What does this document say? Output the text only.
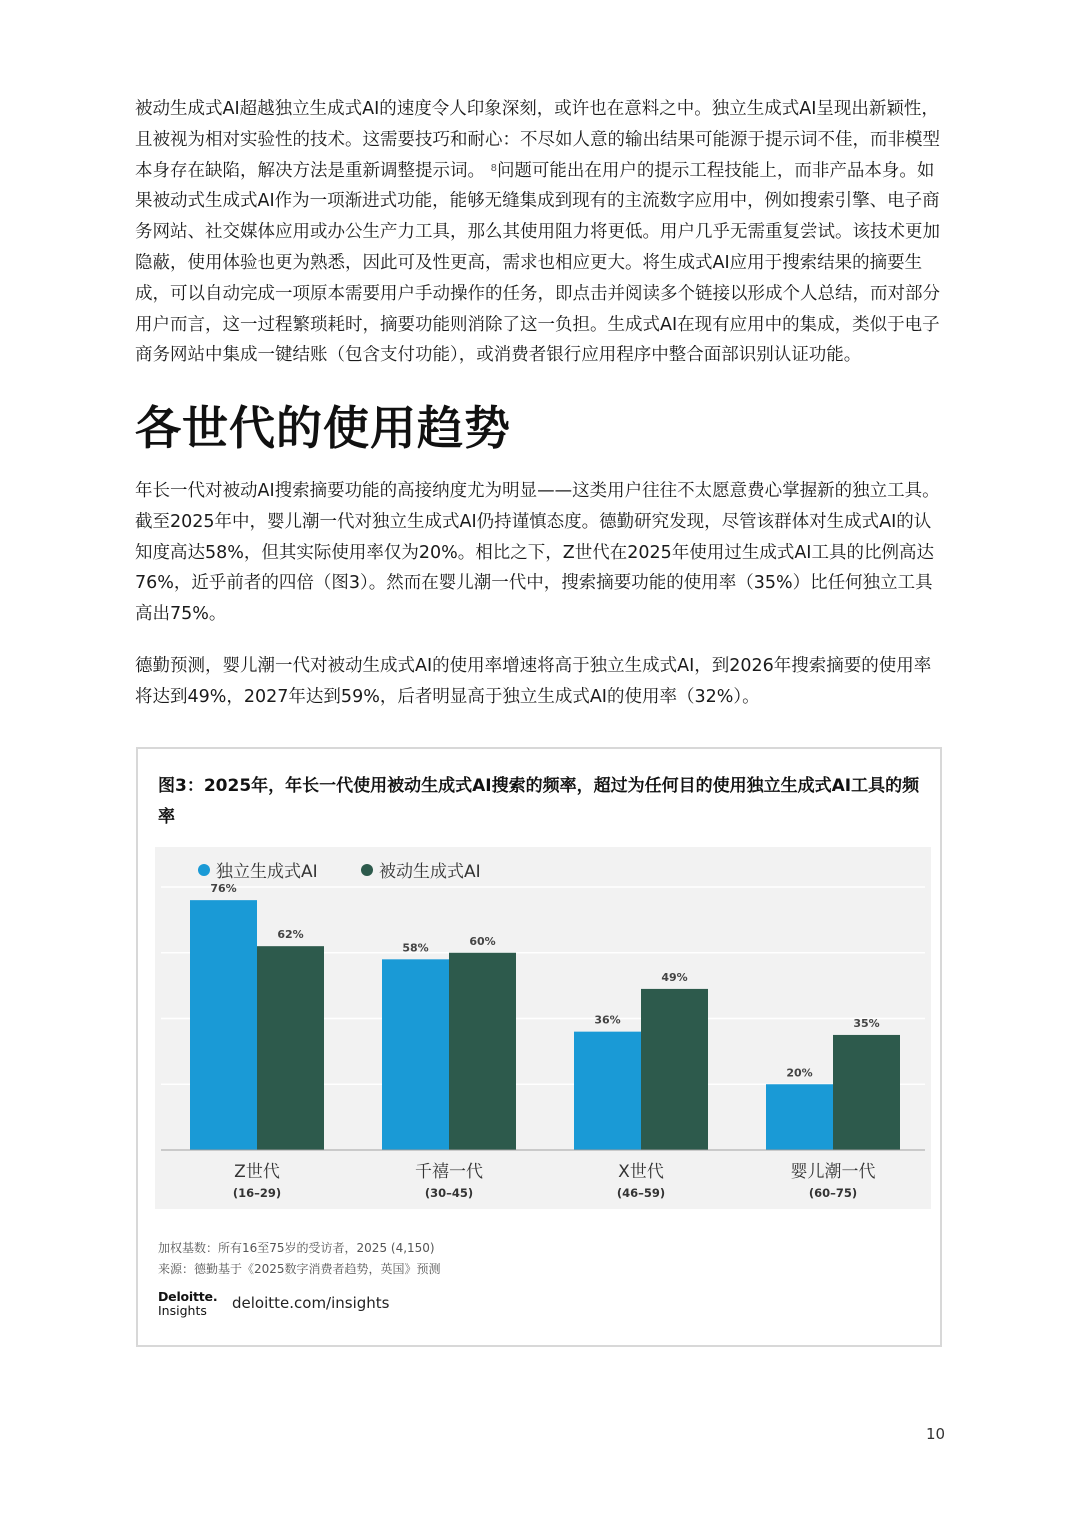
被动生成式AI超越独立生成式AI的速度令人印象深刻，或许也在意料之中。独立生成式AI呈现出新颖性，且被视为相对实验性的技术。这需要技巧和耐心：不尽如人意的输出结果可能源于提示词不佳，而非模型本身存在缺陷，解决方法是重新调整提示词。 $^8$问题可能出在用户的提示工程技能上，而非产品本身。如果被动式生成式AI作为一项渐进式功能，能够无缝集成到现有的主流数字应用中，例如搜索引擎、电子商务网站、社交媒体应用或办公生产力工具，那么其使用阻力将更低。用户几乎无需重复尝试。该技术更加隐蔽，使用体验也更为熟悉，因此可及性更高，需求也相应更大。将生成式AI应用于搜索结果的摘要生成，可以自动完成一项原本需要用户手动操作的任务，即点击并阅读多个链接以形成个人总结，而对部分用户而言，这一过程繁琐耗时，摘要功能则消除了这一负担。生成式AI在现有应用中的集成，类似于电子商务网站中集成一键结账（包含支付功能），或消费者银行应用程序中整合面部识别认证功能。

各世代的使用趋势

年长一代对被动AI搜索摘要功能的高接纳度尤为明显——这类用户往往不太愿意费心掌握新的独立工具。截至2025年中，婴儿潮一代对独立生成式AI仍持谨慎态度。德勤研究发现，尽管该群体对生成式AI的认知度高达58%，但其实际使用率仅为20%。相比之下，Z世代在2025年使用过生成式AI工具的比例高达76%，近乎前者的四倍（图3）。然而在婴儿潮一代中，搜索摘要功能的使用率（35%）比任何独立工具高出75%。

德勤预测，婴儿潮一代对被动生成式AI的使用率增速将高于独立生成式AI，到2026年搜索摘要的使用率将达到49%，2027年达到59%，后者明显高于独立生成式AI的使用率（32%）。

图3：2025年，年长一代使用被动生成式AI搜索的频率，超过为任何目的使用独立生成式AI工具的频率

独立生成式AI	被动生成式AI
76%
62%
Z世代
(16–29)
58%
60%
千禧一代
(30–45)
36%
49%
X世代
(46–59)
20%
35%
婴儿潮一代
(60–75)

加权基数：所有16至75岁的受访者，2025 (4,150)

来源：德勤基于《2025数字消费者趋势，英国》预测

Deloitte.
Insights	deloitte.com/insights
10
